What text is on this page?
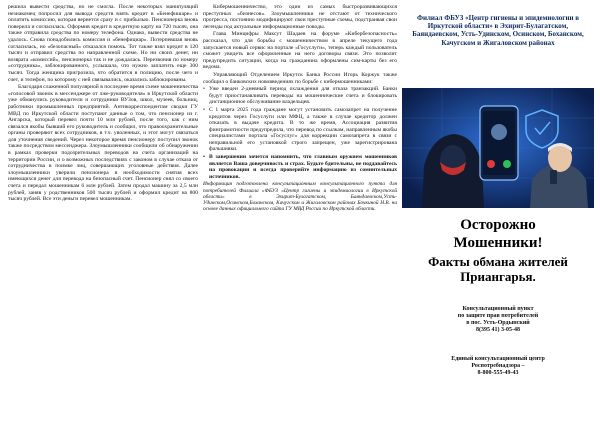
решила вывести средства, но не смогла. После некоторых манипуляций незнакомец попросил для вывода средств взять кредит в «Бенефишаре» и оплатить комиссию, которая вернется сразу и с прибылью. Пенсионерка вновь поверила и согласилась. Оформив кредит в кредитную карту на 720 тысяч, она также отправила средства по номеру телефона. Однако, вывести средства не удалось. Снова понадобились комиссия и «бенефициар». Потерпевшая вновь согласилась, но «безопасный» отказался помочь. Тот также взял кредит в 120 тысяч и отправил средства по направленной схеме. Но ни своих денег, ни возврата «комиссий», пенсионерка так и не дождалась. Перезвонив по номеру «сотрудника», заблокированного, услышала, что нужно заплатить еще 300 тысяч. Тогда женщина пригрозила, что обратится в полицию, после чего и счет, и телефон, по которому с ней связывались, оказались заблокированы.

Благодаря слаженной популярной в последнее время схеме мошенничества «голосовой звонок в мессенджере от лже-руководителя» в Иркутской области уже обманулись руководители и сотрудники ВУЗов, школ, музеев, больниц, работники промышленных предприятий. Антикорреспондентам сводки ГУ МВД по Иркутской области поступают данные о том, что пенсионер из г. Ангарска, который перевел почти 10 млн рублей, после того, как с ним связался якобы бывший его руководитель и сообщил, что правоохранительные органы проверяют всех сотрудников, в т.ч. уволенных, и этот могут связаться для уточнения сведений. Через некоторое время пенсионеру поступил звонок также посредством мессенджера. Злоумышленники сообщили об обнаружении в рамках проверки подозрительных переводов на счета организаций на территории России, и о возможных последствиях с законом в случае отказа от сотрудничества в поимке лиц, совершающих уголовные действия. Далее злоумышленники уверили пенсионера в необходимости снятия всех имеющихся денег для перевода на безопасный счет. Пенсионер снял со своего счета и передал мошенникам 6 млн рублей. Затем продал машину за 2,5 млн рублей, заняв у родственников 500 тысяч рублей и оформил кредит на 800 тысяч рублей. Все эти деньги перевел мошенникам.

Кибермошенничество, это один из самых быстроразвивающихся преступных «бизнесов». Злоумышленники не отстают от технического прогресса, постоянно модифицируют свои преступные схемы, подстраивая свои легенды под актуальные информационные поводы.

Глава Минцифры Максут Шадаев на форуме «Кибербезопасность» рассказал, что для борьбы с мошенничеством в апреле текущего года запускается новый сервис на портале «Госуслуги», теперь каждый пользователь сможет увидеть все оформленные на него договоры связи. Это позволит предупредить ситуации, когда на гражданина оформлены сим-карты без его ведома.

Управляющий Отделением Иркутск Банка России Игорь Коржук также сообщил о банковских нововведениях по борьбе с кибермошенниками:

• Уже введен 2-дневный период охлаждения для отказа транзакций. Банки будут приостанавливать переводы на мошеннические счета и блокировать дистанционное обслуживание владельцев.

• С 1 марта 2025 года граждане могут установить самозапрет на получение кредитов через Госуслуги или МФЦ, а также в случае кредитор должен отказать в выдаче кредита. В то же время, Ассоциация развития финграмотности предупредила, что перевод по ссылкам, направленным якобы специалистами портала «Госуслуг» для коррекции самозапрета в связи с неправильной его установкой строго запрещен, уже зарегистрирована фальшивки.

• В завершении хочется напомнить, что главным оружием мошенников является Ваша доверчивость и страх. Будьте бдительны, не поддавайтесь на провокации и всегда проверяйте информацию из сомнительных источников.

Информация подготовлена консультационным консультационного пункта для потребителей Филиала «ФБУЗ «Центр гигиены и эпидемиологии в Иркутской области» в Эхирит-Булагатском, Баяндаевском,Усть-Удинском,Осинском,Боханском, Качугском и Жигаловском районах Бочкиной Н.В. на основе данных официального сайта ГУ МВД России по Иркутской области.

Филиал ФБУЗ «Центр гигиены и эпидемиологии в Иркутской области» в Эхирит-Булагатском, Баяндаевском, Усть-Удинском, Осинском, Боханском, Качугском и Жигаловском районах
Осторожно
Мошенники!
Факты обмана жителей
Приангарья.
Консультационный пункт
по защите прав потребителей
в пос. Усть-Ордынский
8(395 41) 3-05-48
Единый консультационный центр
Роспотребнадзора –
8-800-555-49-43
